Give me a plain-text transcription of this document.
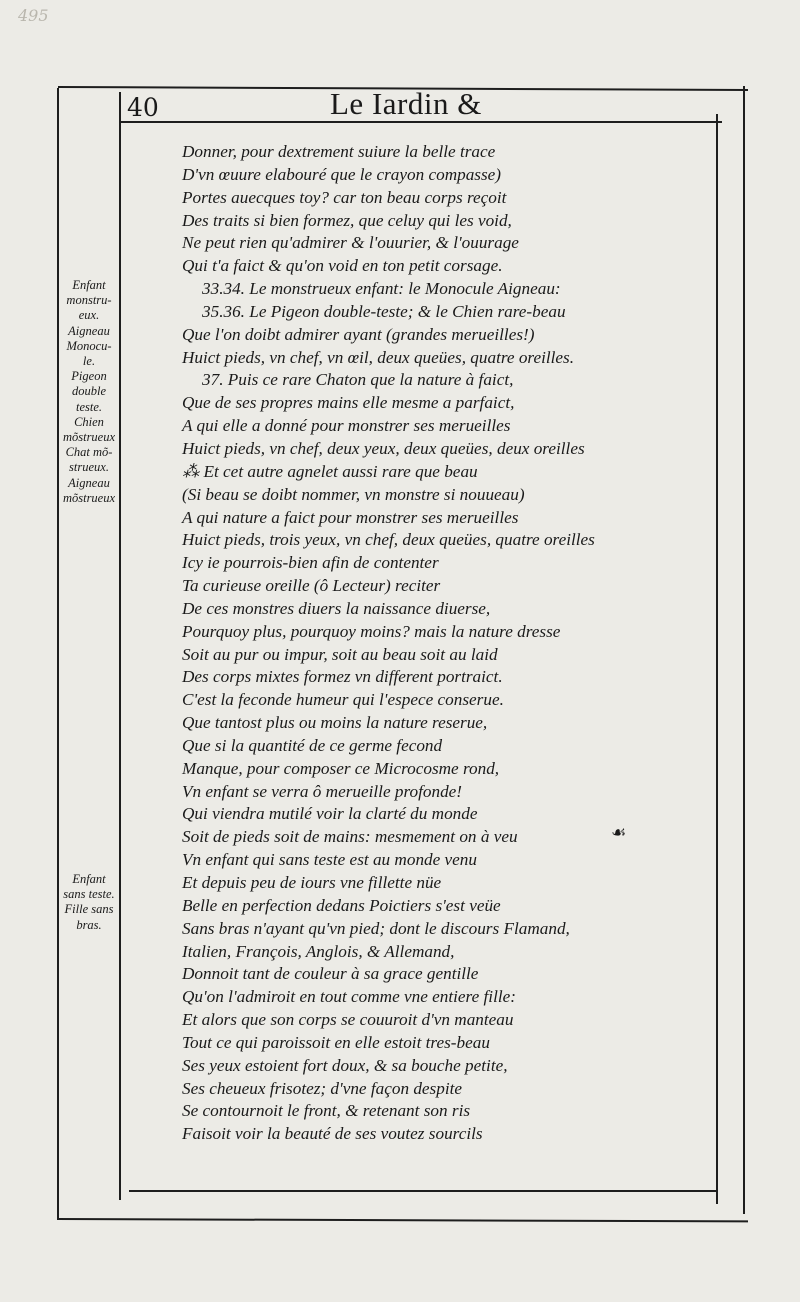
495
40	Le Iardin &
Enfant
monstru-
eux.
Aigneau
Monocu-
le.
Pigeon
double
teste.
Chien
mõstrueux
Chat mõ-
strueux.
Aigneau
mõstrueux
Enfant
sans teste.
Fille sans
bras.
Donner, pour dextrement suiure la belle trace
D'vn œuure elabouré que le crayon compasse)
Portes auecques toy? car ton beau corps reçoit
Des traits si bien formez, que celuy qui les void,
Ne peut rien qu'admirer & l'ouurier, & l'ouurage
Qui t'a faict & qu'on void en ton petit corsage.
33.34. Le monstrueux enfant: le Monocule Aigneau:
35.36. Le Pigeon double-teste; & le Chien rare-beau
Que l'on doibt admirer ayant (grandes merueilles!)
Huict pieds, vn chef, vn œil, deux queües, quatre oreilles.
37. Puis ce rare Chaton que la nature à faict,
Que de ses propres mains elle mesme a parfaict,
A qui elle a donné pour monstrer ses merueilles
Huict pieds, vn chef, deux yeux, deux queües, deux oreilles
⁂ Et cet autre agnelet aussi rare que beau
(Si beau se doibt nommer, vn monstre si nouueau)
A qui nature a faict pour monstrer ses merueilles
Huict pieds, trois yeux, vn chef, deux queües, quatre oreilles
Icy ie pourrois-bien afin de contenter
Ta curieuse oreille (ô Lecteur) reciter
De ces monstres diuers la naissance diuerse,
Pourquoy plus, pourquoy moins? mais la nature dresse
Soit au pur ou impur, soit au beau soit au laid
Des corps mixtes formez vn different portraict.
C'est la feconde humeur qui l'espece conserue.
Que tantost plus ou moins la nature reserue,
Que si la quantité de ce germe fecond
Manque, pour composer ce Microcosme rond,
Vn enfant se verra ô merueille profonde!
Qui viendra mutilé voir la clarté du monde
Soit de pieds soit de mains: mesmement on à veu
Vn enfant qui sans teste est au monde venu
Et depuis peu de iours vne fillette nüe
Belle en perfection dedans Poictiers s'est veüe
Sans bras n'ayant qu'vn pied; dont le discours Flamand,
Italien, François, Anglois, & Allemand,
Donnoit tant de couleur à sa grace gentille
Qu'on l'admiroit en tout comme vne entiere fille:
Et alors que son corps se couuroit d'vn manteau
Tout ce qui paroissoit en elle estoit tres-beau
Ses yeux estoient fort doux, & sa bouche petite,
Ses cheueux frisotez; d'vne façon despite
Se contournoit le front, & retenant son ris
Faisoit voir la beauté de ses voutez sourcils
☙
